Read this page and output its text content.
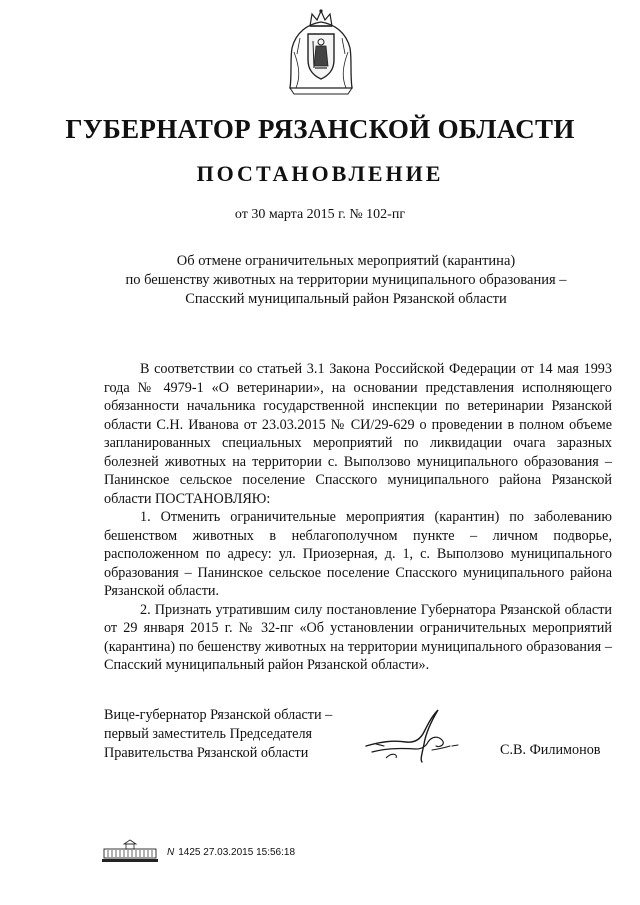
ГУБЕРНАТОР РЯЗАНСКОЙ ОБЛАСТИ
ПОСТАНОВЛЕНИЕ
от 30 марта 2015 г. № 102-пг
Об отмене ограничительных мероприятий (карантина)
по бешенству животных на территории муниципального образования –
Спасский муниципальный район Рязанской области

В соответствии со статьей 3.1 Закона Российской Федерации от 14 мая 1993 года № 4979-1 «О ветеринарии», на основании представления исполняющего обязанности начальника государственной инспекции по ветеринарии Рязанской области С.Н. Иванова от 23.03.2015 № СИ/29-629 о проведении в полном объеме запланированных специальных мероприятий по ликвидации очага заразных болезней животных на территории с. Выползово муниципального образования – Панинское сельское поселение Спасского муниципального района Рязанской области ПОСТАНОВЛЯЮ:

1. Отменить ограничительные мероприятия (карантин) по заболеванию бешенством животных в неблагополучном пункте – личном подворье, расположенном по адресу: ул. Приозерная, д. 1, с. Выползово муниципального образования – Панинское сельское поселение Спасского муниципального района Рязанской области.

2. Признать утратившим силу постановление Губернатора Рязанской области от 29 января 2015 г. № 32-пг «Об установлении ограничительных мероприятий (карантина) по бешенству животных на территории муниципального образования – Спасский муниципальный район Рязанской области».

Вице-губернатор Рязанской области –
первый заместитель Председателя
Правительства Рязанской области	С.В. Филимонов
N 1425 27.03.2015 15:56:18
